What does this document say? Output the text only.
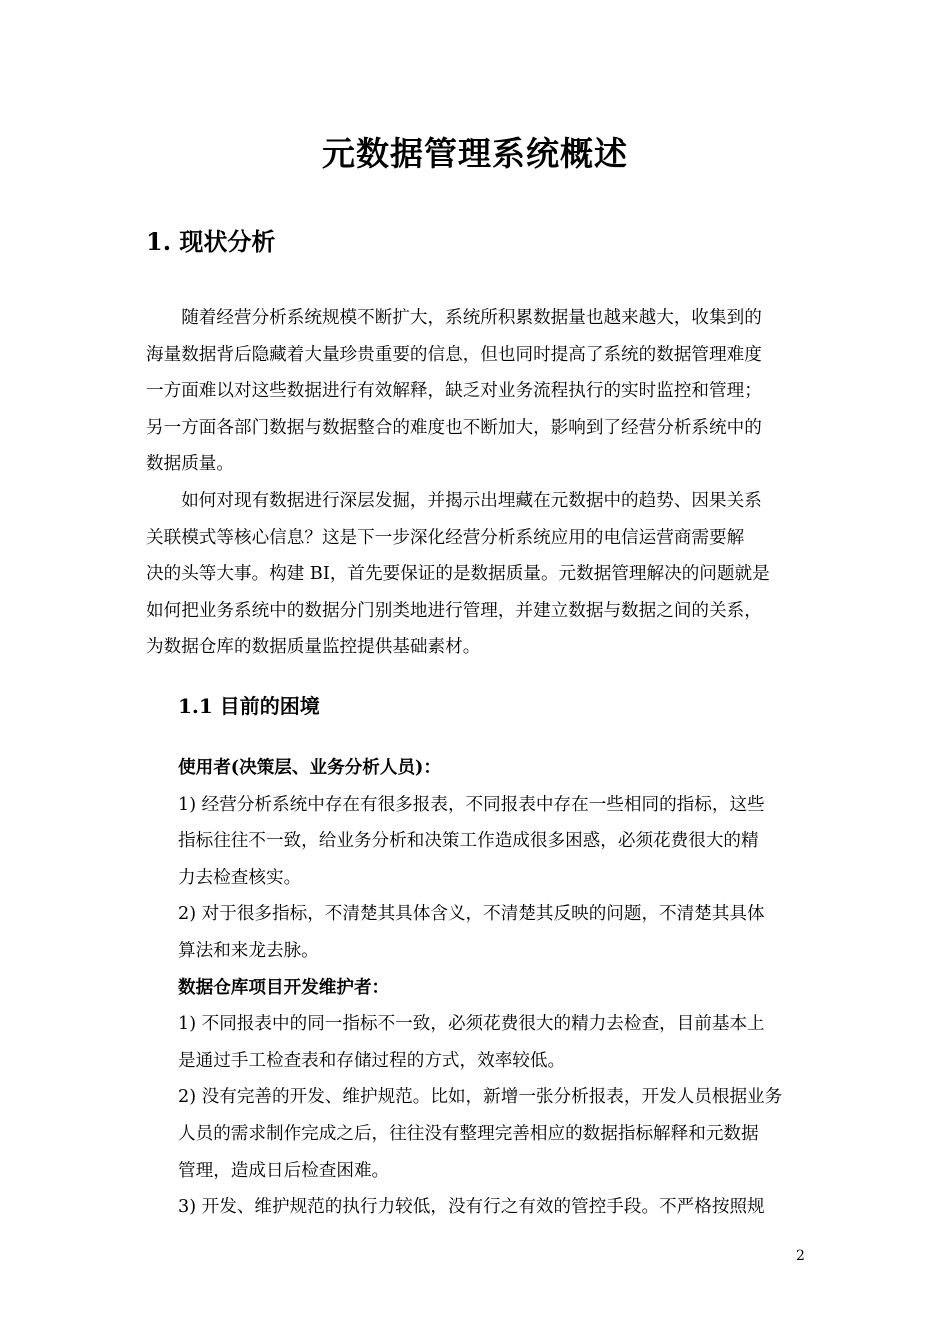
元数据管理系统概述
1. 现状分析
　　随着经营分析系统规模不断扩大，系统所积累数据量也越来越大，收集到的
海量数据背后隐藏着大量珍贵重要的信息，但也同时提高了系统的数据管理难度
一方面难以对这些数据进行有效解释，缺乏对业务流程执行的实时监控和管理；
另一方面各部门数据与数据整合的难度也不断加大，影响到了经营分析系统中的
数据质量。
　　如何对现有数据进行深层发掘，并揭示出埋藏在元数据中的趋势、因果关系
关联模式等核心信息？这是下一步深化经营分析系统应用的电信运营商需要解
决的头等大事。构建 BI，首先要保证的是数据质量。元数据管理解决的问题就是
如何把业务系统中的数据分门别类地进行管理，并建立数据与数据之间的关系，
为数据仓库的数据质量监控提供基础素材。
1.1 目前的困境
使用者(决策层、业务分析人员)：
1) 经营分析系统中存在有很多报表，不同报表中存在一些相同的指标，这些
指标往往不一致，给业务分析和决策工作造成很多困惑，必须花费很大的精
力去检查核实。
2) 对于很多指标，不清楚其具体含义，不清楚其反映的问题，不清楚其具体
算法和来龙去脉。
数据仓库项目开发维护者：
1) 不同报表中的同一指标不一致，必须花费很大的精力去检查，目前基本上
是通过手工检查表和存储过程的方式，效率较低。
2) 没有完善的开发、维护规范。比如，新增一张分析报表，开发人员根据业务
人员的需求制作完成之后，往往没有整理完善相应的数据指标解释和元数据
管理，造成日后检查困难。
3) 开发、维护规范的执行力较低，没有行之有效的管控手段。不严格按照规
2
